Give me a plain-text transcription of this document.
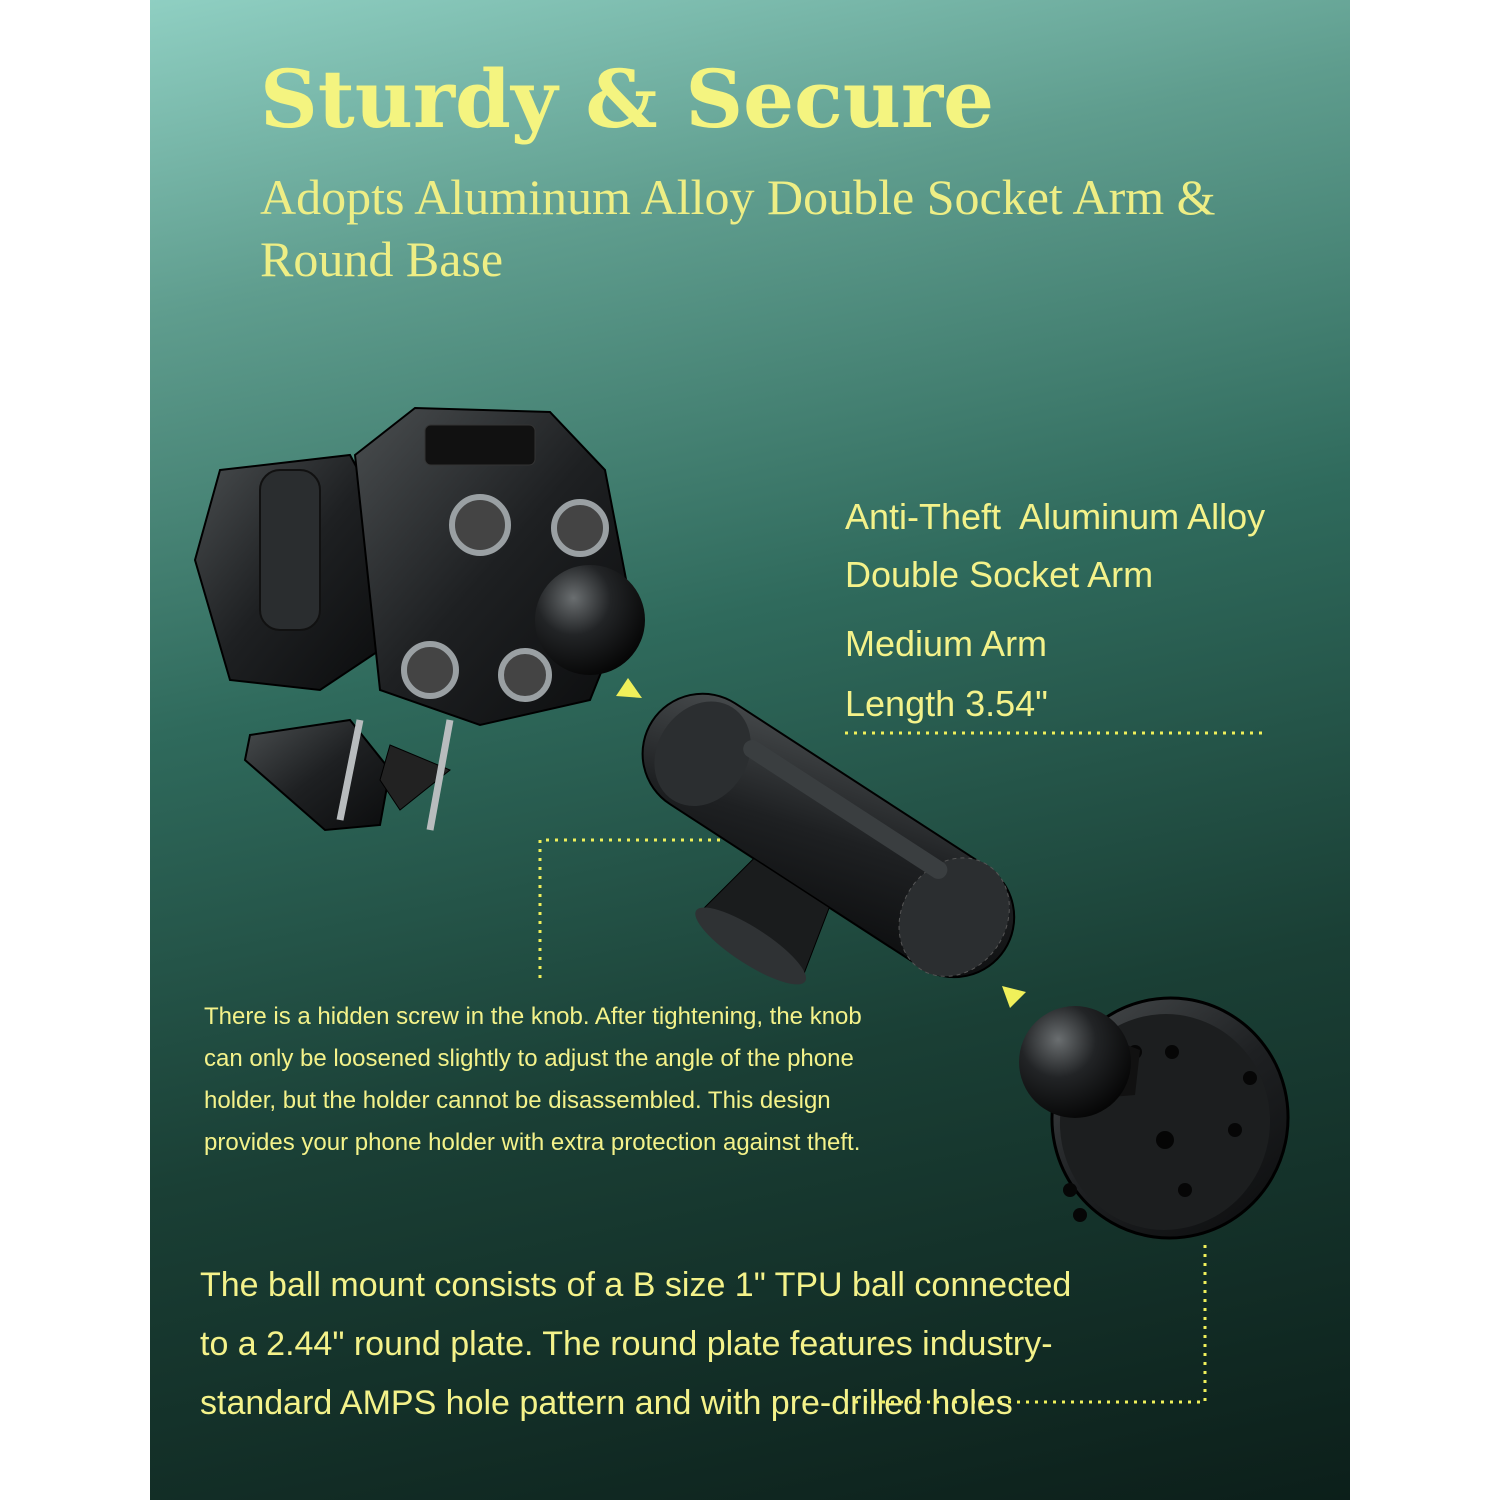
Sturdy & Secure
Adopts Aluminum Alloy Double Socket Arm & Round Base
Anti-Theft  Aluminum Alloy
Double Socket Arm
Medium Arm
Length 3.54"
There is a hidden screw in the knob. After tightening, the knob can only be loosened slightly to adjust the angle of the phone holder, but the holder cannot be disassembled. This design provides your phone holder with extra protection against theft.
The ball mount consists of a B size 1" TPU ball connected to a 2.44" round plate. The round plate features industry-standard AMPS hole pattern and with pre-drilled holes
